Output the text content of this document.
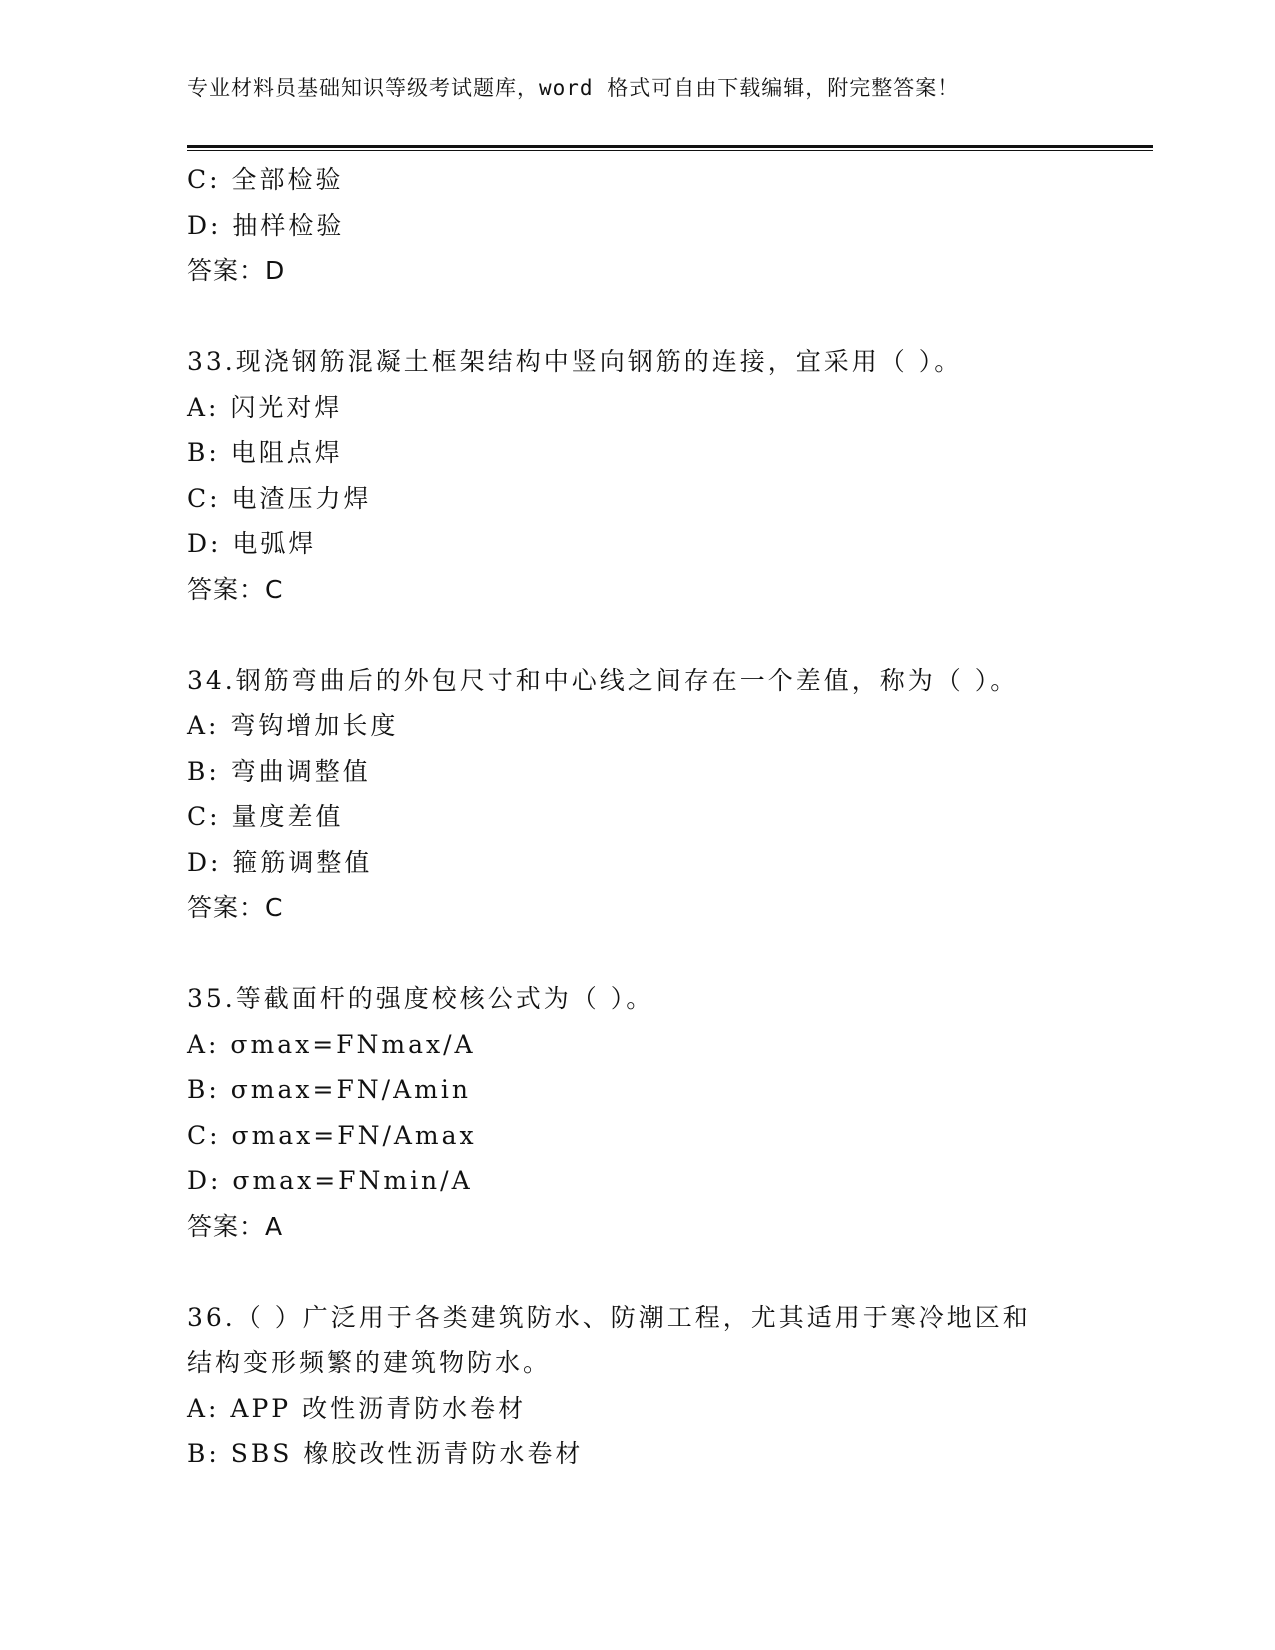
专业材料员基础知识等级考试题库，word 格式可自由下载编辑，附完整答案！
C: 全部检验
D: 抽样检验
答案：D
33.现浇钢筋混凝土框架结构中竖向钢筋的连接，宜采用（ ）。
A: 闪光对焊
B: 电阻点焊
C: 电渣压力焊
D: 电弧焊
答案：C
34.钢筋弯曲后的外包尺寸和中心线之间存在一个差值，称为（ ）。
A: 弯钩增加长度
B: 弯曲调整值
C: 量度差值
D: 箍筋调整值
答案：C
35.等截面杆的强度校核公式为（ ）。
A: σmax=FNmax/A
B: σmax=FN/Amin
C: σmax=FN/Amax
D: σmax=FNmin/A
答案：A
36.（ ）广泛用于各类建筑防水、防潮工程，尤其适用于寒冷地区和
结构变形频繁的建筑物防水。
A: APP 改性沥青防水卷材
B: SBS 橡胶改性沥青防水卷材
